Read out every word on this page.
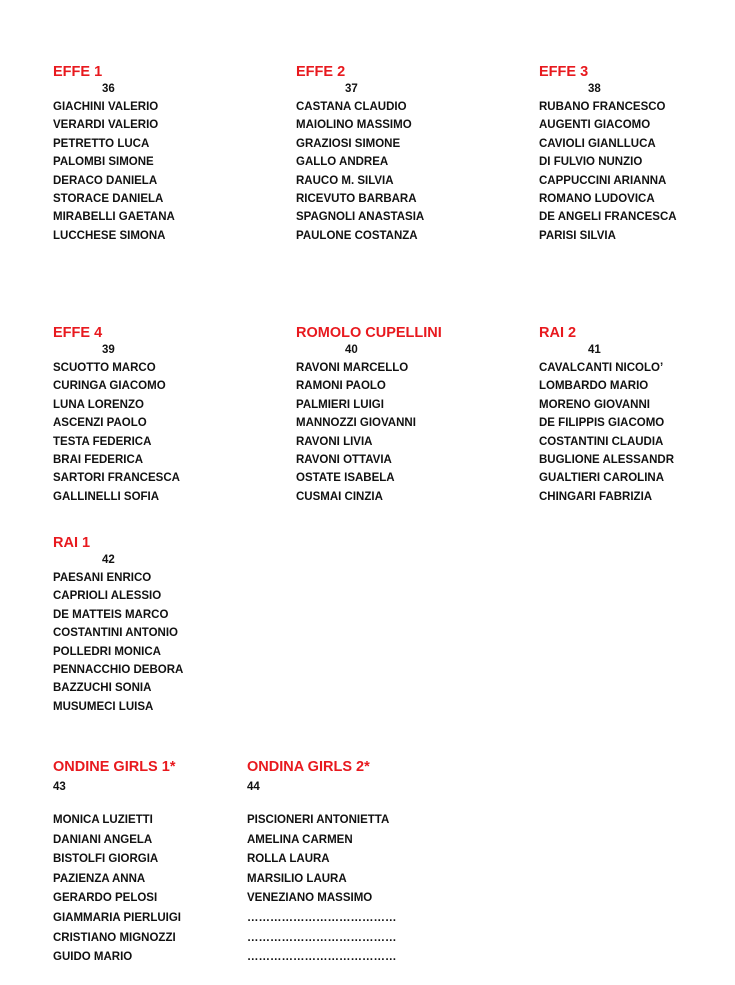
EFFE 1
36
GIACHINI VALERIO
VERARDI VALERIO
PETRETTO LUCA
PALOMBI SIMONE
DERACO DANIELA
STORACE DANIELA
MIRABELLI GAETANA
LUCCHESE SIMONA
EFFE 2
37
CASTANA CLAUDIO
MAIOLINO MASSIMO
GRAZIOSI SIMONE
GALLO ANDREA
RAUCO M. SILVIA
RICEVUTO BARBARA
SPAGNOLI ANASTASIA
PAULONE COSTANZA
EFFE 3
38
RUBANO FRANCESCO
AUGENTI GIACOMO
CAVIOLI GIANLLUCA
DI FULVIO NUNZIO
CAPPUCCINI ARIANNA
ROMANO LUDOVICA
DE ANGELI FRANCESCA
PARISI SILVIA
EFFE 4
39
SCUOTTO MARCO
CURINGA GIACOMO
LUNA LORENZO
ASCENZI PAOLO
TESTA FEDERICA
BRAI FEDERICA
SARTORI FRANCESCA
GALLINELLI SOFIA
ROMOLO CUPELLINI
40
RAVONI MARCELLO
RAMONI PAOLO
PALMIERI LUIGI
MANNOZZI GIOVANNI
RAVONI LIVIA
RAVONI OTTAVIA
OSTATE ISABELA
CUSMAI CINZIA
RAI 2
41
CAVALCANTI NICOLO’
LOMBARDO MARIO
MORENO GIOVANNI
DE FILIPPIS GIACOMO
COSTANTINI CLAUDIA
BUGLIONE ALESSANDR
GUALTIERI CAROLINA
CHINGARI FABRIZIA
RAI 1
42
PAESANI ENRICO
CAPRIOLI ALESSIO
DE MATTEIS MARCO
COSTANTINI ANTONIO
POLLEDRI MONICA
PENNACCHIO DEBORA
BAZZUCHI SONIA
MUSUMECI LUISA
ONDINE GIRLS 1*
43
MONICA LUZIETTI
DANIANI ANGELA
BISTOLFI GIORGIA
PAZIENZA ANNA
GERARDO PELOSI
GIAMMARIA PIERLUIGI
CRISTIANO MIGNOZZI
GUIDO MARIO
ONDINA GIRLS 2*
44
PISCIONERI ANTONIETTA
AMELINA CARMEN
ROLLA LAURA
MARSILIO LAURA
VENEZIANO MASSIMO
…………………………………
…………………………………
…………………………………
